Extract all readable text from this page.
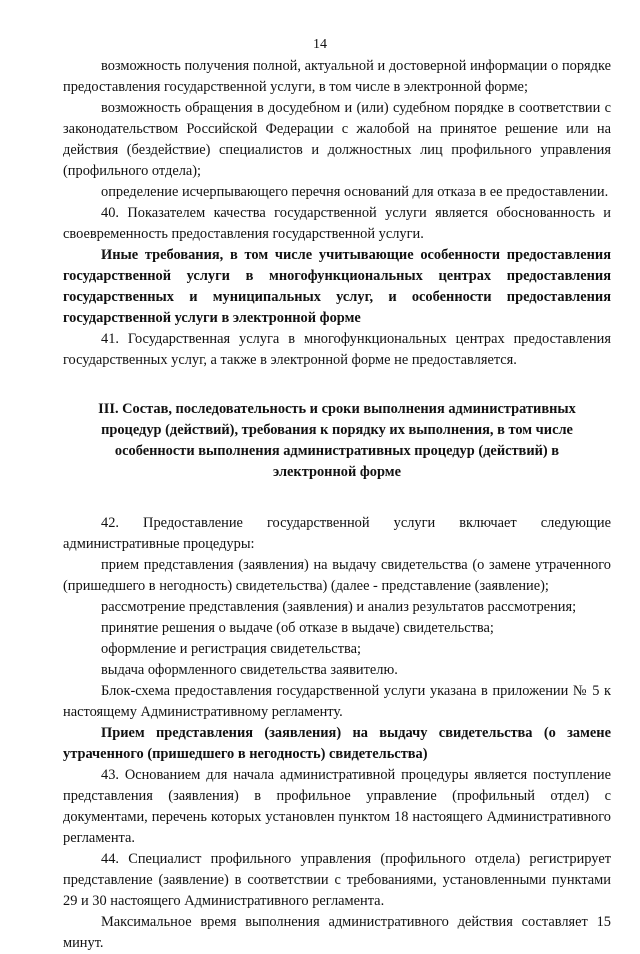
14

возможность получения полной, актуальной и достоверной информации о порядке предоставления государственной услуги, в том числе в электронной форме;

возможность обращения в досудебном и (или) судебном порядке в соответствии с законодательством Российской Федерации с жалобой на принятое решение или на действия (бездействие) специалистов и должностных лиц профильного управления (профильного отдела);

определение исчерпывающего перечня оснований для отказа в ее предоставлении.

40. Показателем качества государственной услуги является обоснованность и своевременность предоставления государственной услуги.

Иные требования, в том числе учитывающие особенности предоставления государственной услуги в многофункциональных центрах предоставления государственных и муниципальных услуг, и особенности предоставления государственной услуги в электронной форме

41. Государственная услуга в многофункциональных центрах предоставления государственных услуг, а также в электронной форме не предоставляется.

III. Состав, последовательность и сроки выполнения административных процедур (действий), требования к порядку их выполнения, в том числе особенности выполнения административных процедур (действий) в электронной форме

42. Предоставление государственной услуги включает следующие административные процедуры:

прием представления (заявления) на выдачу свидетельства (о замене утраченного (пришедшего в негодность) свидетельства) (далее - представление (заявление);

рассмотрение представления (заявления) и анализ результатов рассмотрения;

принятие решения о выдаче (об отказе в выдаче) свидетельства;

оформление и регистрация свидетельства;

выдача оформленного свидетельства заявителю.

Блок-схема предоставления государственной услуги указана в приложении № 5 к настоящему Административному регламенту.

Прием представления (заявления) на выдачу свидетельства (о замене утраченного (пришедшего в негодность) свидетельства)

43. Основанием для начала административной процедуры является поступление представления (заявления) в профильное управление (профильный отдел) с документами, перечень которых установлен пунктом 18 настоящего Административного регламента.

44. Специалист профильного управления (профильного отдела) регистрирует представление (заявление) в соответствии с требованиями, установленными пунктами 29 и 30 настоящего Административного регламента.

Максимальное время выполнения административного действия составляет 15 минут.
